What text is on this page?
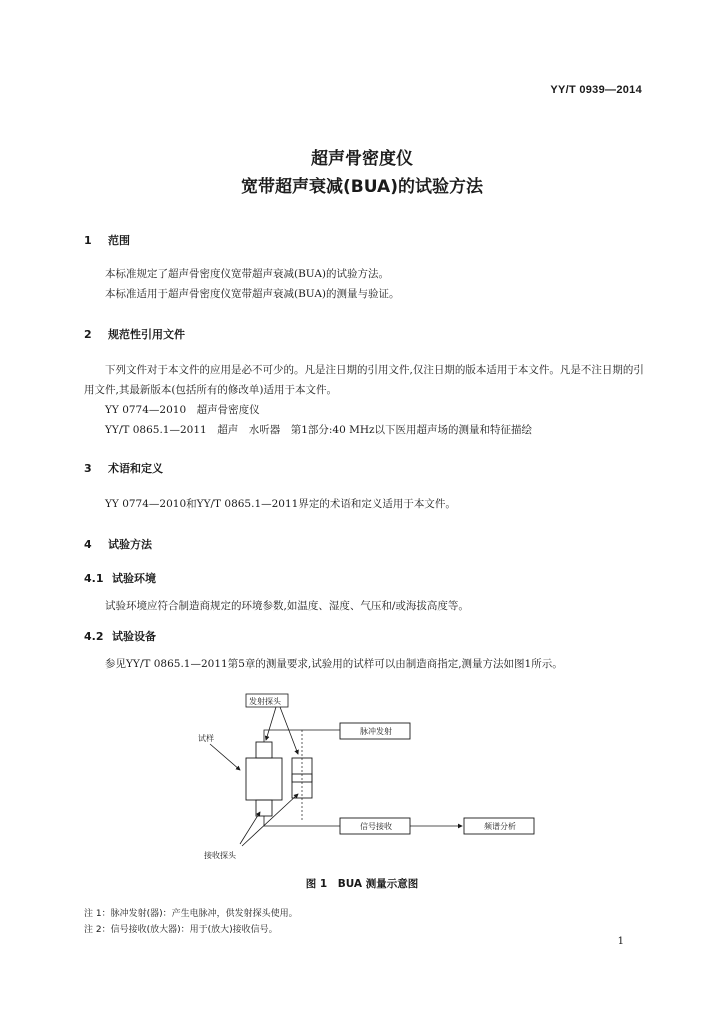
YY/T 0939—2014
超声骨密度仪
宽带超声衰减(BUA)的试验方法
1 范围

本标准规定了超声骨密度仪宽带超声衰减(BUA)的试验方法。

本标准适用于超声骨密度仪宽带超声衰减(BUA)的测量与验证。

2 规范性引用文件

下列文件对于本文件的应用是必不可少的。凡是注日期的引用文件,仅注日期的版本适用于本文件。凡是不注日期的引用文件,其最新版本(包括所有的修改单)适用于本文件。

YY 0774—2010　超声骨密度仪
YY/T 0865.1—2011　超声　水听器　第1部分:40 MHz以下医用超声场的测量和特征描绘
3 术语和定义

YY 0774—2010和YY/T 0865.1—2011界定的术语和定义适用于本文件。

4 试验方法
4.1 试验环境

试验环境应符合制造商规定的环境参数,如温度、湿度、气压和/或海拔高度等。

4.2 试验设备

参见YY/T 0865.1—2011第5章的测量要求,试验用的试样可以由制造商指定,测量方法如图1所示。

发射探头
试样
脉冲发射
信号接收	频谱分析
接收探头
图 1　BUA 测量示意图
注 1：脉冲发射(器)：产生电脉冲，供发射探头使用。
注 2：信号接收(放大器)：用于(放大)接收信号。
1
